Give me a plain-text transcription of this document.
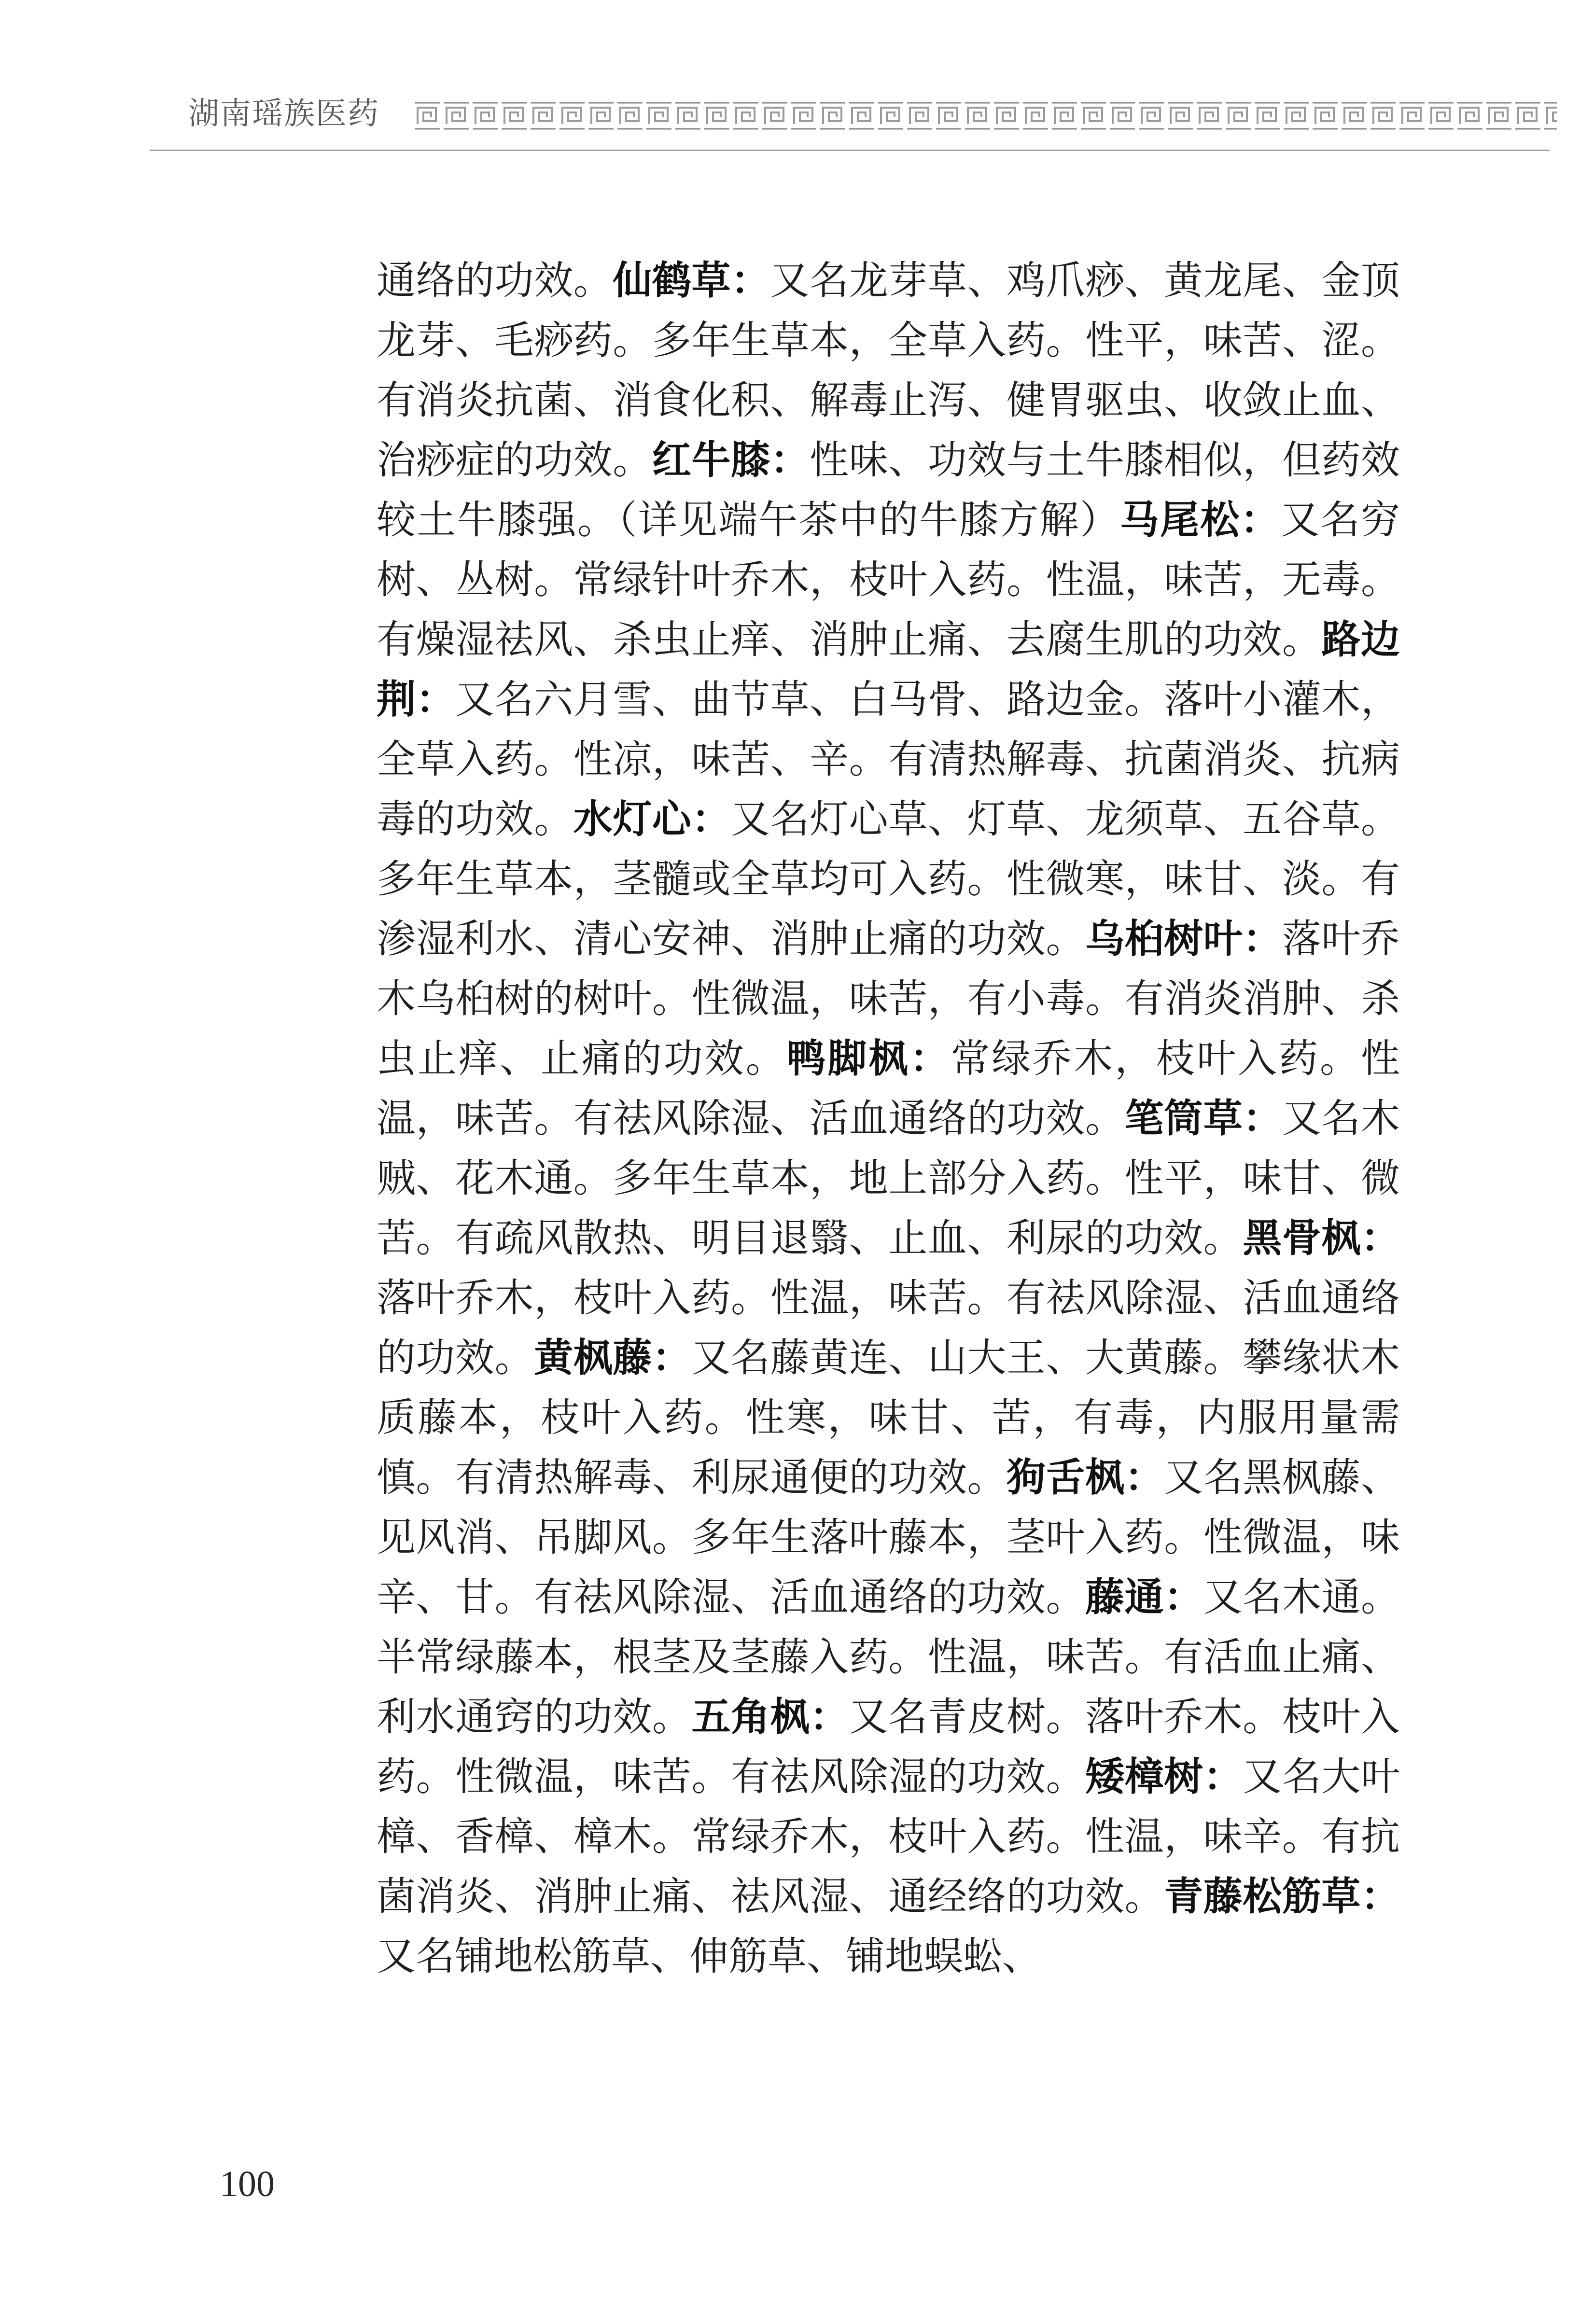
湖南瑶族医药
通络的功效。仙鹤草：又名龙芽草、鸡爪痧、黄龙尾、金顶龙芽、毛痧药。多年生草本，全草入药。性平，味苦、涩。有消炎抗菌、消食化积、解毒止泻、健胃驱虫、收敛止血、治痧症的功效。红牛膝：性味、功效与土牛膝相似，但药效较土牛膝强。（详见端午茶中的牛膝方解）马尾松：又名穷树、丛树。常绿针叶乔木，枝叶入药。性温，味苦，无毒。有燥湿祛风、杀虫止痒、消肿止痛、去腐生肌的功效。路边荆：又名六月雪、曲节草、白马骨、路边金。落叶小灌木，全草入药。性凉，味苦、辛。有清热解毒、抗菌消炎、抗病毒的功效。水灯心：又名灯心草、灯草、龙须草、五谷草。多年生草本，茎髓或全草均可入药。性微寒，味甘、淡。有渗湿利水、清心安神、消肿止痛的功效。乌桕树叶：落叶乔木乌桕树的树叶。性微温，味苦，有小毒。有消炎消肿、杀虫止痒、止痛的功效。鸭脚枫：常绿乔木，枝叶入药。性温，味苦。有祛风除湿、活血通络的功效。笔筒草：又名木贼、花木通。多年生草本，地上部分入药。性平，味甘、微苦。有疏风散热、明目退翳、止血、利尿的功效。黑骨枫：落叶乔木，枝叶入药。性温，味苦。有祛风除湿、活血通络的功效。黄枫藤：又名藤黄连、山大王、大黄藤。攀缘状木质藤本，枝叶入药。性寒，味甘、苦，有毒，内服用量需慎。有清热解毒、利尿通便的功效。狗舌枫：又名黑枫藤、见风消、吊脚风。多年生落叶藤本，茎叶入药。性微温，味辛、甘。有祛风除湿、活血通络的功效。藤通：又名木通。半常绿藤本，根茎及茎藤入药。性温，味苦。有活血止痛、利水通窍的功效。五角枫：又名青皮树。落叶乔木。枝叶入药。性微温，味苦。有祛风除湿的功效。矮樟树：又名大叶樟、香樟、樟木。常绿乔木，枝叶入药。性温，味辛。有抗菌消炎、消肿止痛、祛风湿、通经络的功效。青藤松筋草：又名铺地松筋草、伸筋草、铺地蜈蚣、
100
